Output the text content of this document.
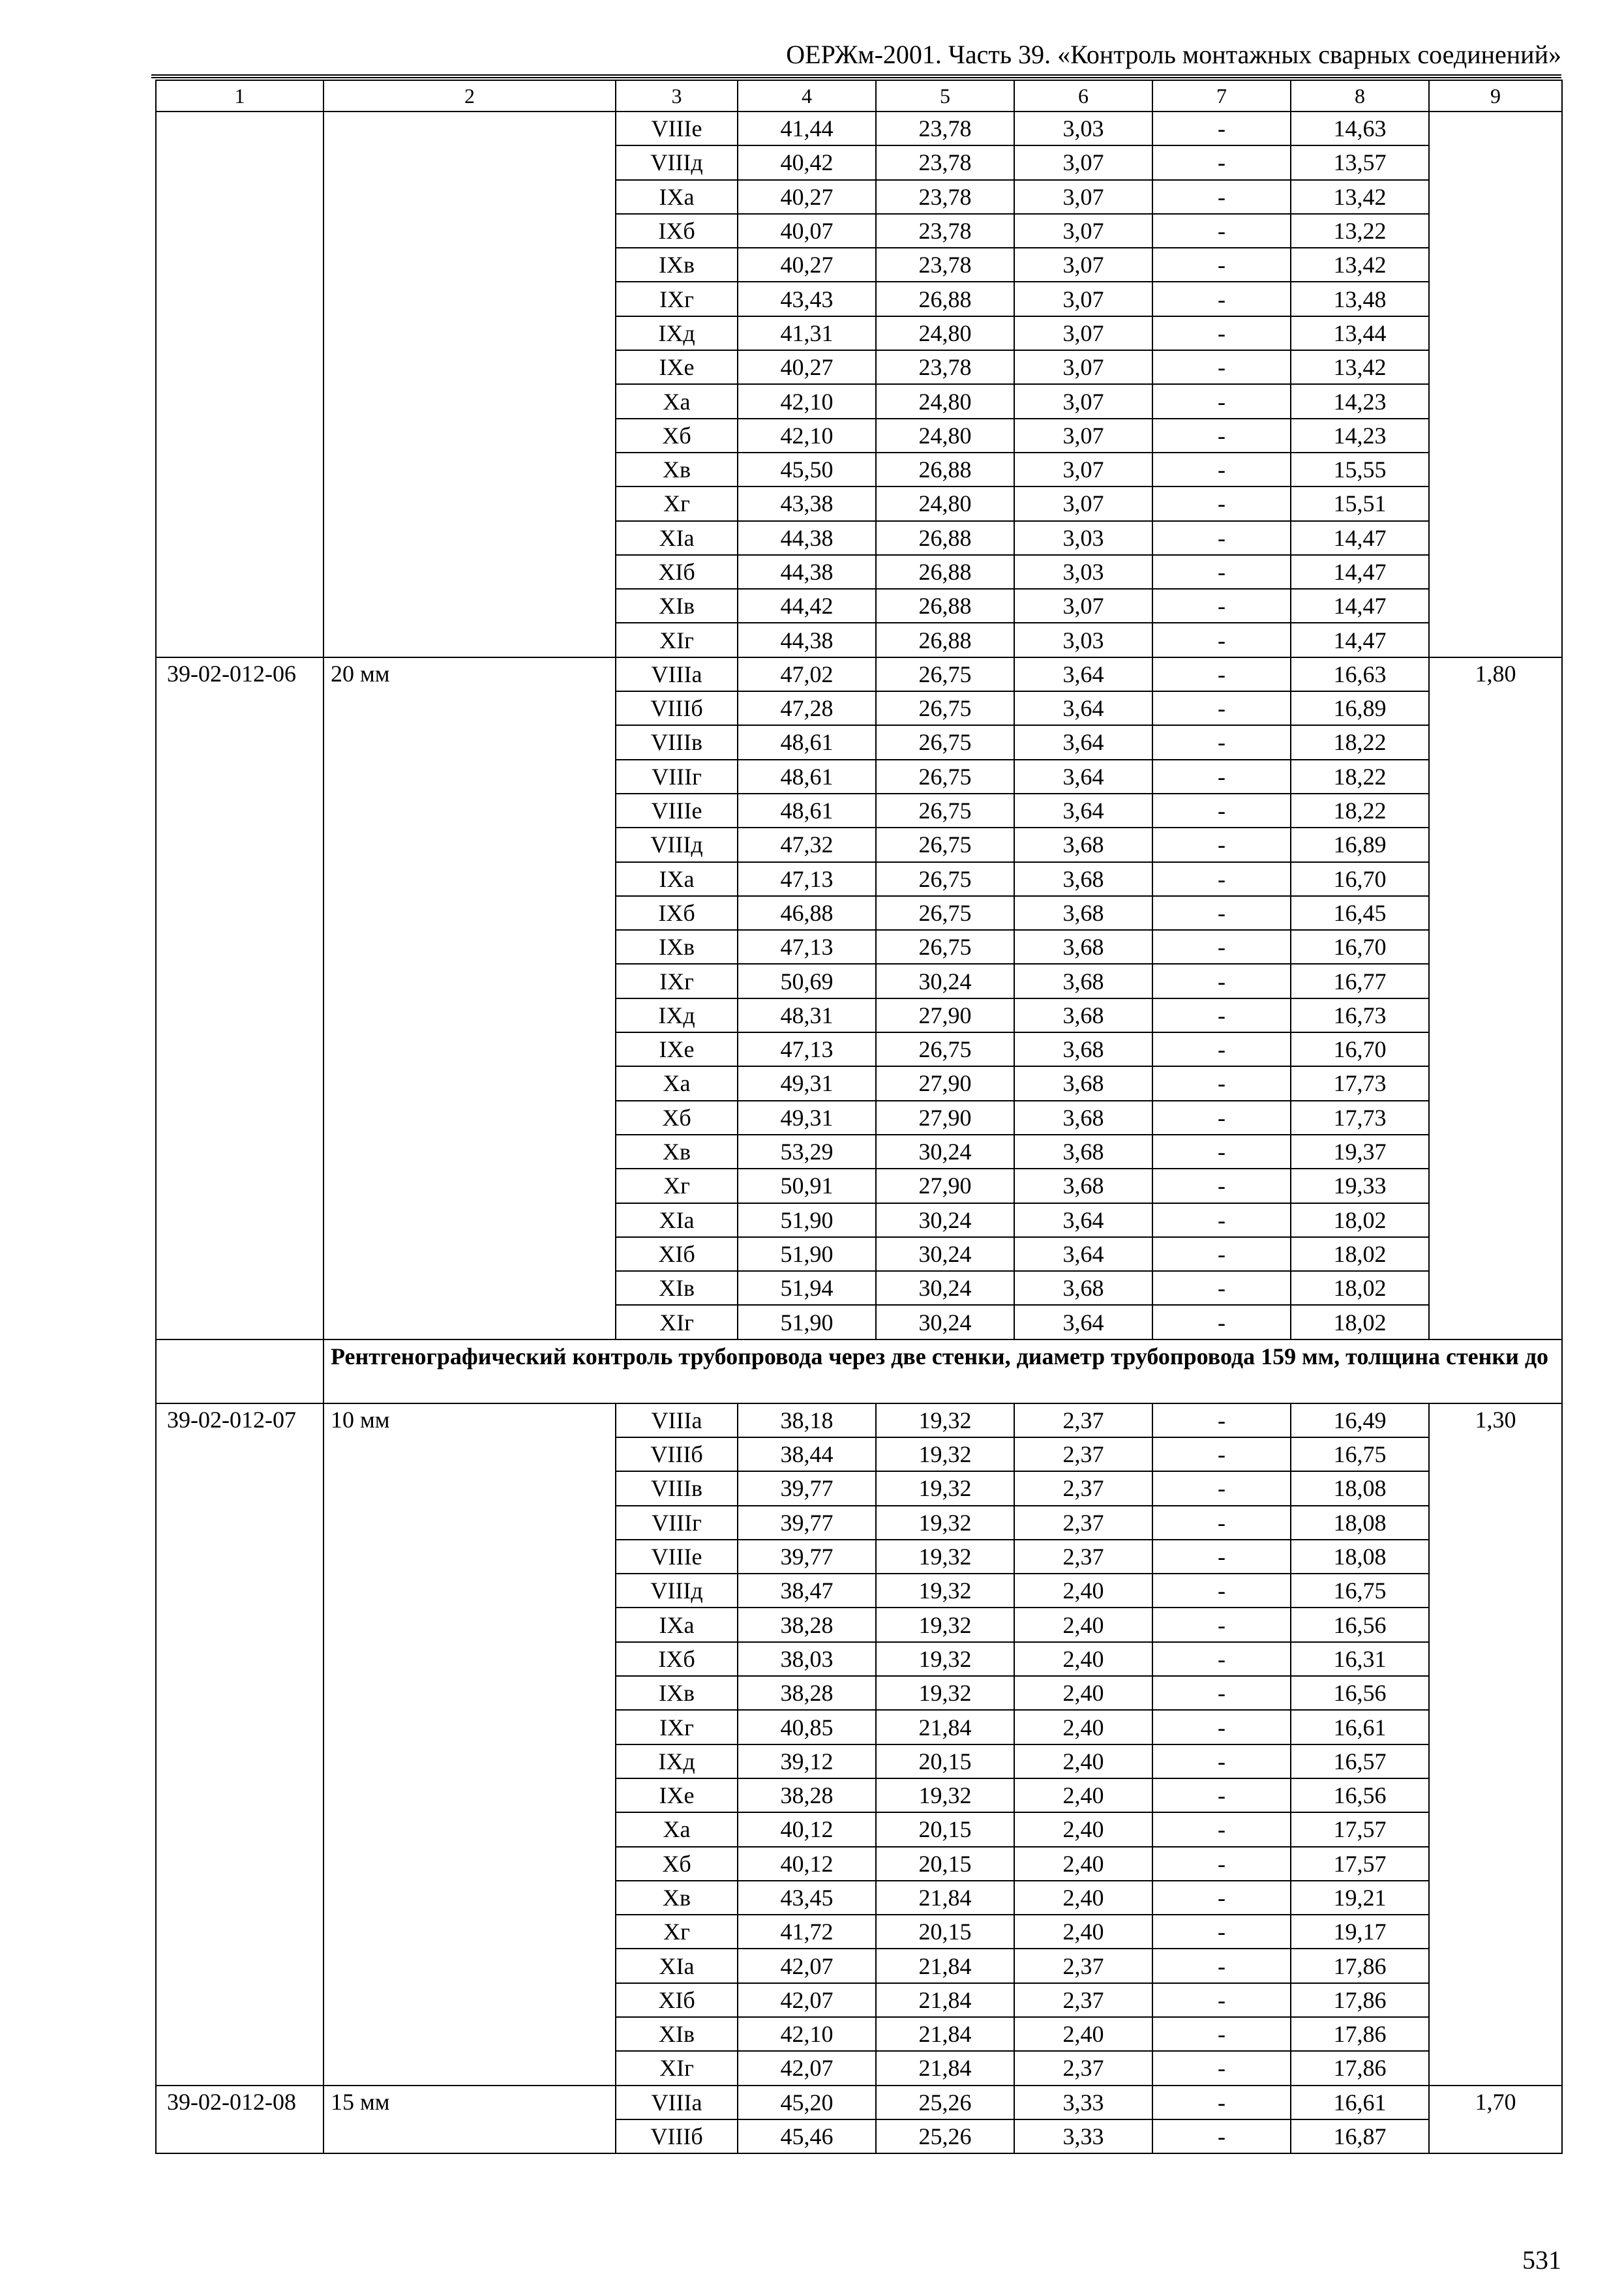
ОЕРЖм-2001. Часть 39. «Контроль монтажных сварных соединений»
1	2	3	4	5	6	7	8	9
		VIIIе	41,44	23,78	3,03	-	14,63	
		VIIIд	40,42	23,78	3,07	-	13,57	
		IXа	40,27	23,78	3,07	-	13,42	
		IXб	40,07	23,78	3,07	-	13,22	
		IXв	40,27	23,78	3,07	-	13,42	
		IXг	43,43	26,88	3,07	-	13,48	
		IXд	41,31	24,80	3,07	-	13,44	
		IXе	40,27	23,78	3,07	-	13,42	
		Xа	42,10	24,80	3,07	-	14,23	
		Xб	42,10	24,80	3,07	-	14,23	
		Xв	45,50	26,88	3,07	-	15,55	
		Xг	43,38	24,80	3,07	-	15,51	
		XIа	44,38	26,88	3,03	-	14,47	
		XIб	44,38	26,88	3,03	-	14,47	
		XIв	44,42	26,88	3,07	-	14,47	
		XIг	44,38	26,88	3,03	-	14,47	
39-02-012-06	20 мм	VIIIа	47,02	26,75	3,64	-	16,63	1,80
		VIIIб	47,28	26,75	3,64	-	16,89	
		VIIIв	48,61	26,75	3,64	-	18,22	
		VIIIг	48,61	26,75	3,64	-	18,22	
		VIIIе	48,61	26,75	3,64	-	18,22	
		VIIIд	47,32	26,75	3,68	-	16,89	
		IXа	47,13	26,75	3,68	-	16,70	
		IXб	46,88	26,75	3,68	-	16,45	
		IXв	47,13	26,75	3,68	-	16,70	
		IXг	50,69	30,24	3,68	-	16,77	
		IXд	48,31	27,90	3,68	-	16,73	
		IXе	47,13	26,75	3,68	-	16,70	
		Xа	49,31	27,90	3,68	-	17,73	
		Xб	49,31	27,90	3,68	-	17,73	
		Xв	53,29	30,24	3,68	-	19,37	
		Xг	50,91	27,90	3,68	-	19,33	
		XIа	51,90	30,24	3,64	-	18,02	
		XIб	51,90	30,24	3,64	-	18,02	
		XIв	51,94	30,24	3,68	-	18,02	
		XIг	51,90	30,24	3,64	-	18,02	
	Рентгенографический контроль трубопровода через две стенки, диаметр трубопровода 159 мм, толщина стенки до							
39-02-012-07	10 мм	VIIIа	38,18	19,32	2,37	-	16,49	1,30
		VIIIб	38,44	19,32	2,37	-	16,75	
		VIIIв	39,77	19,32	2,37	-	18,08	
		VIIIг	39,77	19,32	2,37	-	18,08	
		VIIIе	39,77	19,32	2,37	-	18,08	
		VIIIд	38,47	19,32	2,40	-	16,75	
		IXа	38,28	19,32	2,40	-	16,56	
		IXб	38,03	19,32	2,40	-	16,31	
		IXв	38,28	19,32	2,40	-	16,56	
		IXг	40,85	21,84	2,40	-	16,61	
		IXд	39,12	20,15	2,40	-	16,57	
		IXе	38,28	19,32	2,40	-	16,56	
		Xа	40,12	20,15	2,40	-	17,57	
		Xб	40,12	20,15	2,40	-	17,57	
		Xв	43,45	21,84	2,40	-	19,21	
		Xг	41,72	20,15	2,40	-	19,17	
		XIа	42,07	21,84	2,37	-	17,86	
		XIб	42,07	21,84	2,37	-	17,86	
		XIв	42,10	21,84	2,40	-	17,86	
		XIг	42,07	21,84	2,37	-	17,86	
39-02-012-08	15 мм	VIIIа	45,20	25,26	3,33	-	16,61	1,70
		VIIIб	45,46	25,26	3,33	-	16,87	
531
